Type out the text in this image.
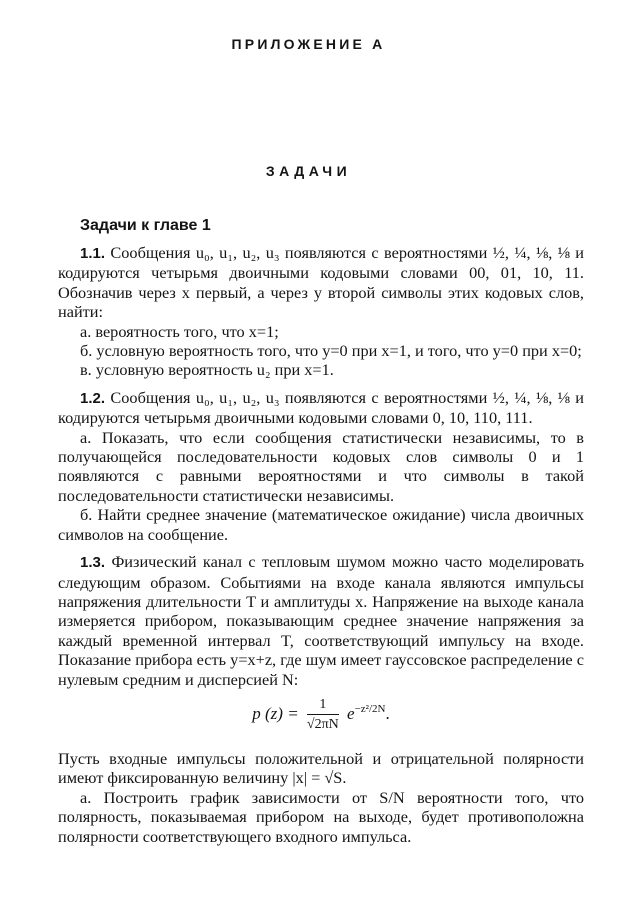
ПРИЛОЖЕНИЕ А
ЗАДАЧИ
Задачи к главе 1

1.1. Сообщения u₀, u₁, u₂, u₃ появляются с вероятностями ½, ¼, ⅛, ⅛ и кодируются четырьмя двоичными кодовыми словами 00, 01, 10, 11. Обозначив через x первый, а через y второй символы этих кодовых слов, найти:

а. вероятность того, что x=1;

б. условную вероятность того, что y=0 при x=1, и того, что y=0 при x=0;

в. условную вероятность u₂ при x=1.

1.2. Сообщения u₀, u₁, u₂, u₃ появляются с вероятностями ½, ¼, ⅛, ⅛ и кодируются четырьмя двоичными кодовыми словами 0, 10, 110, 111.

а. Показать, что если сообщения статистически независимы, то в получающейся последовательности кодовых слов символы 0 и 1 появляются с равными вероятностями и что символы в такой последовательности статистически независимы.

б. Найти среднее значение (математическое ожидание) числа двоичных символов на сообщение.

1.3. Физический канал с тепловым шумом можно часто моделировать следующим образом. Событиями на входе канала являются импульсы напряжения длительности T и амплитуды x. Напряжение на выходе канала измеряется прибором, показывающим среднее значение напряжения за каждый временной интервал T, соответствующий импульсу на входе. Показание прибора есть y=x+z, где шум имеет гауссовское распределение с нулевым средним и дисперсией N:

p $(z) = \frac{1}{√2\pi N} e^{-z^2/2N}$.

Пусть входные импульсы положительной и отрицательной полярности имеют фиксированную величину |x| = √S.

а. Построить график зависимости от S/N вероятности того, что полярность, показываемая прибором на выходе, будет противоположна полярности соответствующего входного импульса.
